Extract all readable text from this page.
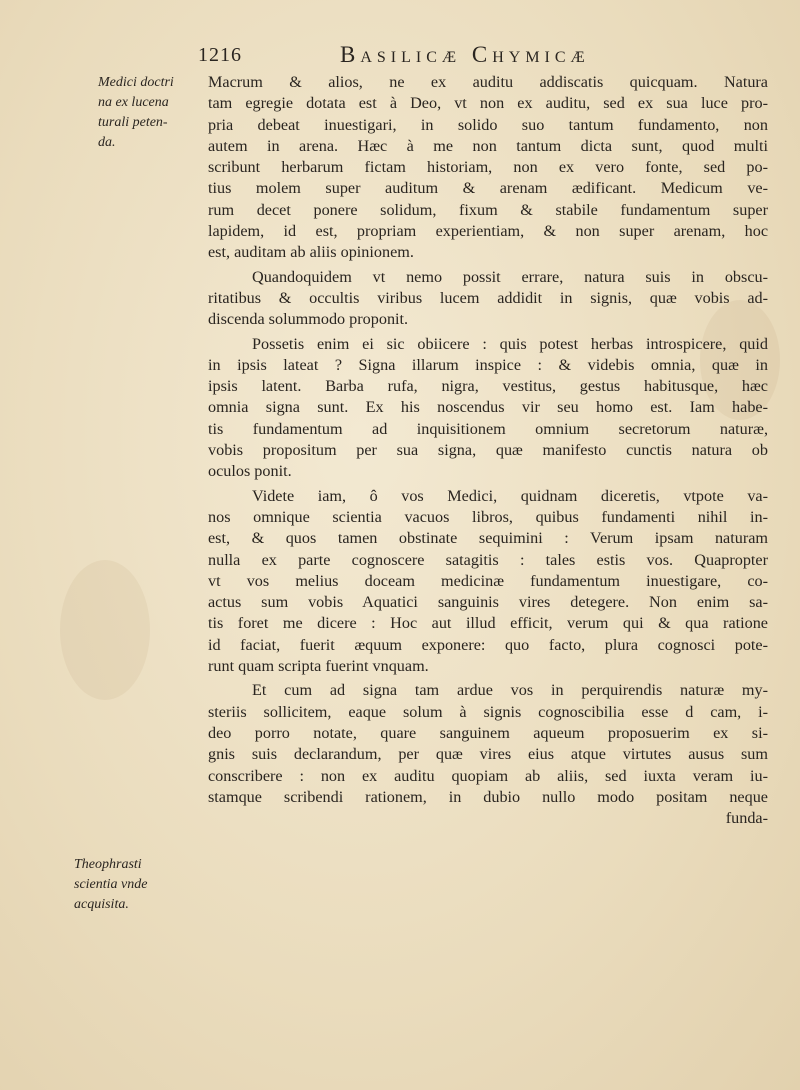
1216	Basilicæ Chymicæ
Medici doctri
na ex lucena
turali peten-
da.
Theophrasti
scientia vnde
acquisita.
Macrum & alios, ne ex auditu addiscatis quicquam. Natura
tam egregie dotata est à Deo, vt non ex auditu, sed ex sua luce pro-
pria debeat inuestigari, in solido suo tantum fundamento, non
autem in arena. Hæc à me non tantum dicta sunt, quod multi
scribunt herbarum fictam historiam, non ex vero fonte, sed po-
tius molem super auditum & arenam ædificant. Medicum ve-
rum decet ponere solidum, fixum & stabile fundamentum super
lapidem, id est, propriam experientiam, & non super arenam, hoc
est, auditam ab aliis opinionem.
Quandoquidem vt nemo possit errare, natura suis in obscu-
ritatibus & occultis viribus lucem addidit in signis, quæ vobis ad-
discenda solummodo proponit.
Possetis enim ei sic obiicere : quis potest herbas introspicere, quid
in ipsis lateat ? Signa illarum inspice : & videbis omnia, quæ in
ipsis latent. Barba rufa, nigra, vestitus, gestus habitusque, hæc
omnia signa sunt. Ex his noscendus vir seu homo est. Iam habe-
tis fundamentum ad inquisitionem omnium secretorum naturæ,
vobis propositum per sua signa, quæ manifesto cunctis natura ob
oculos ponit.
Videte iam, ô vos Medici, quidnam diceretis, vtpote va-
nos omnique scientia vacuos libros, quibus fundamenti nihil in-
est, & quos tamen obstinate sequimini : Verum ipsam naturam
nulla ex parte cognoscere satagitis : tales estis vos. Quapropter
vt vos melius doceam medicinæ fundamentum inuestigare, co-
actus sum vobis Aquatici sanguinis vires detegere. Non enim sa-
tis foret me dicere : Hoc aut illud efficit, verum qui & qua ratione
id faciat, fuerit æquum exponere: quo facto, plura cognosci pote-
runt quam scripta fuerint vnquam.
Et cum ad signa tam ardue vos in perquirendis naturæ my-
steriis sollicitem, eaque solum à signis cognoscibilia esse d cam, i-
deo porro notate, quare sanguinem aqueum proposuerim ex si-
gnis suis declarandum, per quæ vires eius atque virtutes ausus sum
conscribere : non ex auditu quopiam ab aliis, sed iuxta veram iu-
stamque scribendi rationem, in dubio nullo modo positam neque
funda-
